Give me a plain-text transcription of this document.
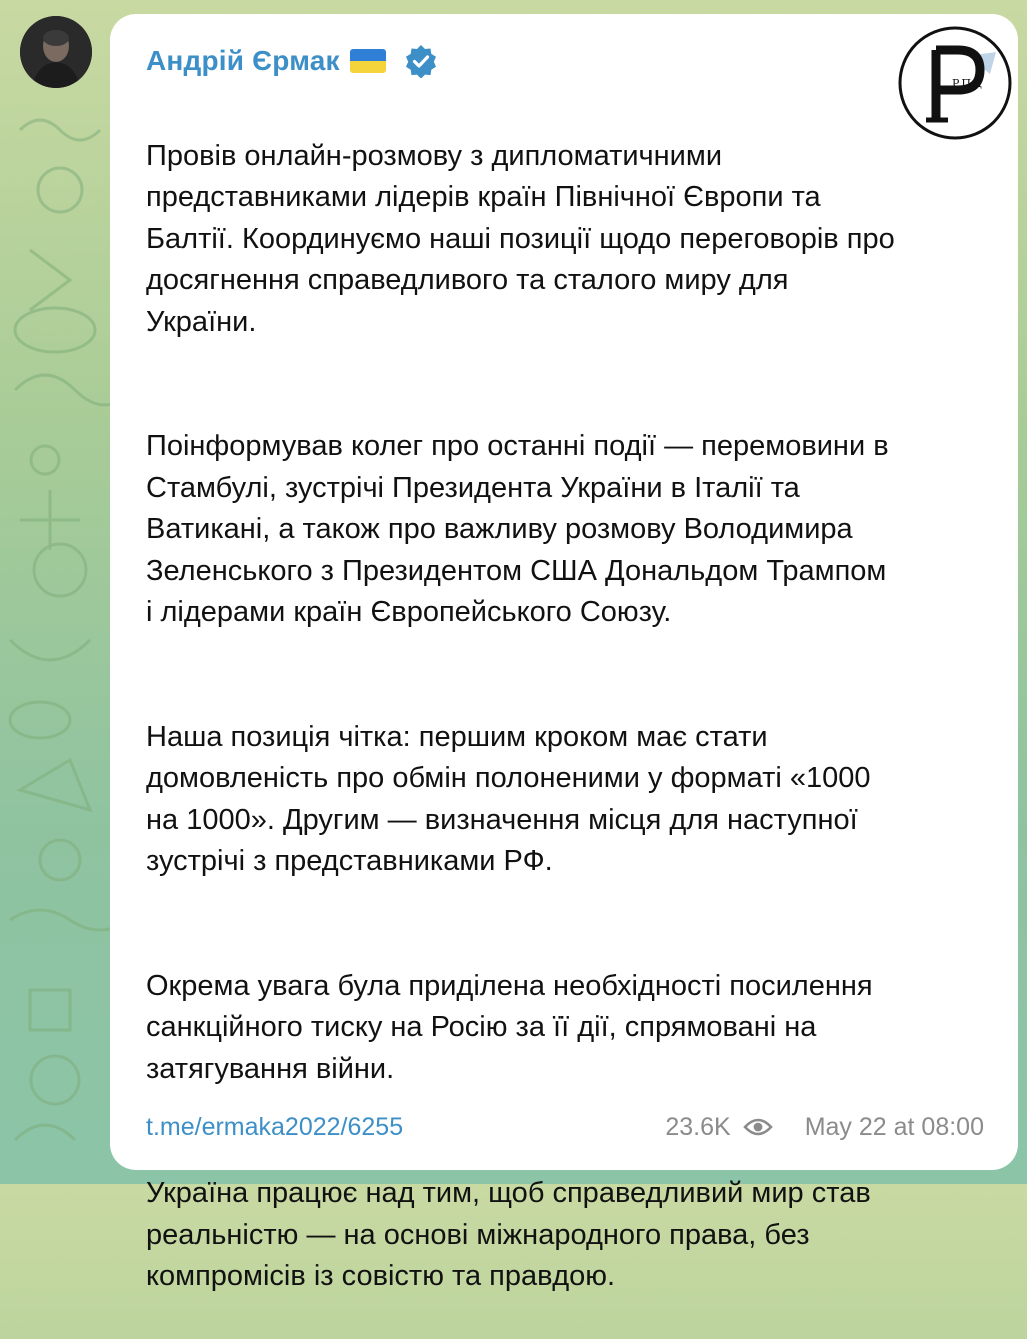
Андрій Єрмак
РПД

Провів онлайн-розмову з дипломатичними
представниками лідерів країн Північної Європи та
Балтії. Координуємо наші позиції щодо переговорів про
досягнення справедливого та сталого миру для
України.

Поінформував колег про останні події — перемовини в
Стамбулі, зустрічі Президента України в Італії та
Ватикані, а також про важливу розмову Володимира
Зеленського з Президентом США Дональдом Трампом
і лідерами країн Європейського Союзу.

Наша позиція чітка: першим кроком має стати
домовленість про обмін полоненими у форматі «1000
на 1000». Другим — визначення місця для наступної
зустрічі з представниками РФ.

Окрема увага була приділена необхідності посилення
санкційного тиску на Росію за її дії, спрямовані на
затягування війни.

Україна працює над тим, щоб справедливий мир став
реальністю — на основі міжнародного права, без
компромісів із совістю та правдою.

t.me/ermaka2022/6255	23.6K	May 22 at 08:00
